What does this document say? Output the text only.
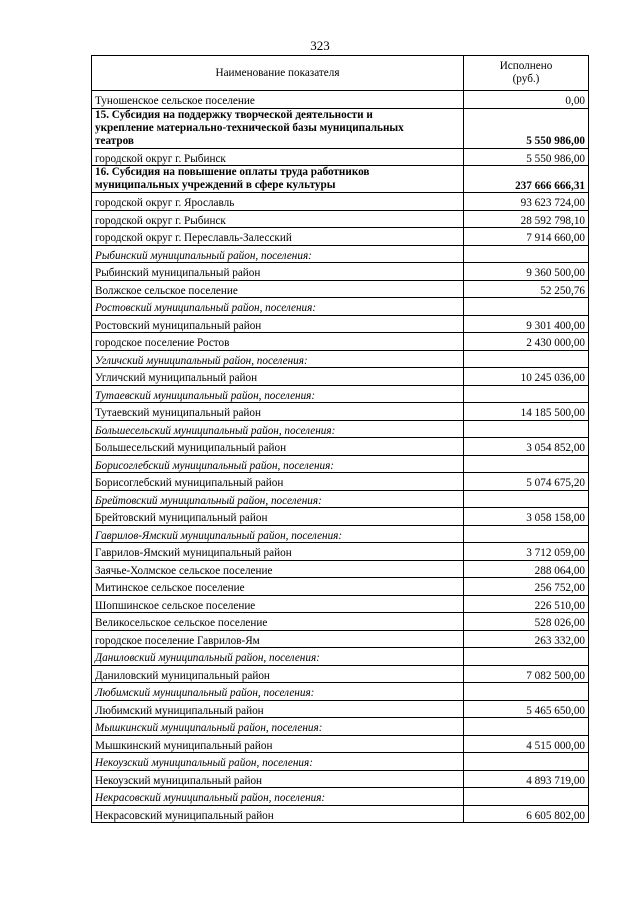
323
Наименование показателя	Исполнено
(руб.)
Туношенское сельское поселение	0,00
15. Субсидия на поддержку творческой деятельности и
укрепление материально-технической базы муниципальных
театров	5 550 986,00
городской округ г. Рыбинск	5 550 986,00
16. Субсидия на повышение оплаты труда работников
муниципальных учреждений в сфере культуры	237 666 666,31
городской округ г. Ярославль	93 623 724,00
городской округ г. Рыбинск	28 592 798,10
городской округ г. Переславль-Залесский	7 914 660,00
Рыбинский муниципальный район, поселения:	
Рыбинский муниципальный район	9 360 500,00
Волжское сельское поселение	52 250,76
Ростовский муниципальный район, поселения:	
Ростовский муниципальный район	9 301 400,00
городское поселение Ростов	2 430 000,00
Угличский муниципальный район, поселения:	
Угличский муниципальный район	10 245 036,00
Тутаевский муниципальный район, поселения:	
Тутаевский муниципальный район	14 185 500,00
Большесельский муниципальный район, поселения:	
Большесельский муниципальный район	3 054 852,00
Борисоглебский муниципальный район, поселения:	
Борисоглебский муниципальный район	5 074 675,20
Брейтовский муниципальный район, поселения:	
Брейтовский муниципальный район	3 058 158,00
Гаврилов-Ямский муниципальный район, поселения:	
Гаврилов-Ямский муниципальный район	3 712 059,00
Заячье-Холмское сельское поселение	288 064,00
Митинское сельское поселение	256 752,00
Шопшинское сельское поселение	226 510,00
Великосельское сельское поселение	528 026,00
городское поселение Гаврилов-Ям	263 332,00
Даниловский муниципальный район, поселения:	
Даниловский муниципальный район	7 082 500,00
Любимский муниципальный район, поселения:	
Любимский муниципальный район	5 465 650,00
Мышкинский муниципальный район, поселения:	
Мышкинский муниципальный район	4 515 000,00
Некоузский муниципальный район, поселения:	
Некоузский муниципальный район	4 893 719,00
Некрасовский муниципальный район, поселения:	
Некрасовский муниципальный район	6 605 802,00
